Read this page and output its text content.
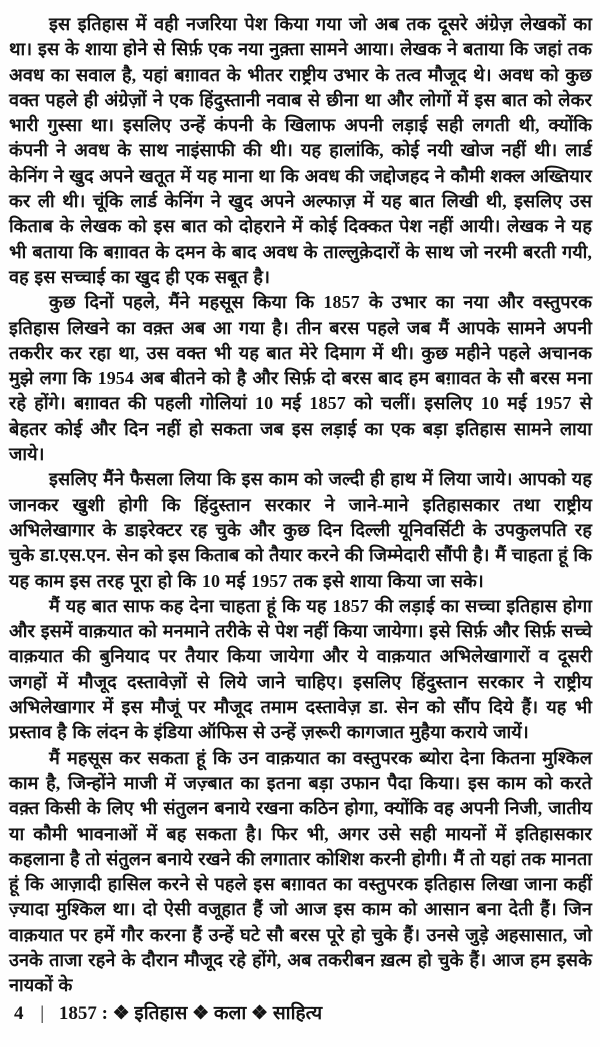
इस इतिहास में वही नजरिया पेश किया गया जो अब तक दूसरे अंग्रेज़ लेखकों का था। इस के शाया होने से सिर्फ़ एक नया नुक़्ता सामने आया। लेखक ने बताया कि जहां तक अवध का सवाल है, यहां बग़ावत के भीतर राष्ट्रीय उभार के तत्व मौजूद थे। अवध को कुछ वक्त पहले ही अंग्रेज़ों ने एक हिंदुस्तानी नवाब से छीना था और लोगों में इस बात को लेकर भारी गुस्सा था। इसलिए उन्हें कंपनी के खिलाफ अपनी लड़ाई सही लगती थी, क्योंकि कंपनी ने अवध के साथ नाइंसाफी की थी। यह हालांकि, कोई नयी खोज नहीं थी। लार्ड केनिंग ने खुद अपने खतूत में यह माना था कि अवध की जद्दोजहद ने कौमी शक्ल अख्तियार कर ली थी। चूंकि लार्ड केनिंग ने खुद अपने अल्फाज़ में यह बात लिखी थी, इसलिए उस किताब के लेखक को इस बात को दोहराने में कोई दिक्कत पेश नहीं आयी। लेखक ने यह भी बताया कि बग़ावत के दमन के बाद अवध के ताल्लुक़ेदारों के साथ जो नरमी बरती गयी, वह इस सच्चाई का खुद ही एक सबूत है।

कुछ दिनों पहले, मैंने महसूस किया कि 1857 के उभार का नया और वस्तुपरक इतिहास लिखने का वक़्त अब आ गया है। तीन बरस पहले जब मैं आपके सामने अपनी तकरीर कर रहा था, उस वक्त भी यह बात मेरे दिमाग में थी। कुछ महीने पहले अचानक मुझे लगा कि 1954 अब बीतने को है और सिर्फ़ दो बरस बाद हम बग़ावत के सौ बरस मना रहे होंगे। बग़ावत की पहली गोलियां 10 मई 1857 को चलीं। इसलिए 10 मई 1957 से बेहतर कोई और दिन नहीं हो सकता जब इस लड़ाई का एक बड़ा इतिहास सामने लाया जाये।

इसलिए मैंने फैसला लिया कि इस काम को जल्दी ही हाथ में लिया जाये। आपको यह जानकर खुशी होगी कि हिंदुस्तान सरकार ने जाने-माने इतिहासकार तथा राष्ट्रीय अभिलेखागार के डाइरेक्टर रह चुके और कुछ दिन दिल्ली यूनिवर्सिटी के उपकुलपति रह चुके डा.एस.एन. सेन को इस किताब को तैयार करने की जिम्मेदारी सौंपी है। मैं चाहता हूं कि यह काम इस तरह पूरा हो कि 10 मई 1957 तक इसे शाया किया जा सके।

मैं यह बात साफ कह देना चाहता हूं कि यह 1857 की लड़ाई का सच्चा इतिहास होगा और इसमें वाक़यात को मनमाने तरीके से पेश नहीं किया जायेगा। इसे सिर्फ़ और सिर्फ़ सच्चे वाक़यात की बुनियाद पर तैयार किया जायेगा और ये वाक़यात अभिलेखागारों व दूसरी जगहों में मौजूद दस्तावेज़ों से लिये जाने चाहिए। इसलिए हिंदुस्तान सरकार ने राष्ट्रीय अभिलेखागार में इस मौजूं पर मौजूद तमाम दस्तावेज़ डा. सेन को सौंप दिये हैं। यह भी प्रस्ताव है कि लंदन के इंडिया ऑफिस से उन्हें ज़रूरी कागजात मुहैया कराये जायें।

मैं महसूस कर सकता हूं कि उन वाक़यात का वस्तुपरक ब्योरा देना कितना मुश्किल काम है, जिन्होंने माजी में जज़्बात का इतना बड़ा उफान पैदा किया। इस काम को करते वक़्त किसी के लिए भी संतुलन बनाये रखना कठिन होगा, क्योंकि वह अपनी निजी, जातीय या कौमी भावनाओं में बह सकता है। फिर भी, अगर उसे सही मायनों में इतिहासकार कहलाना है तो संतुलन बनाये रखने की लगातार कोशिश करनी होगी। मैं तो यहां तक मानता हूं कि आज़ादी हासिल करने से पहले इस बग़ावत का वस्तुपरक इतिहास लिखा जाना कहीं ज़्यादा मुश्किल था। दो ऐसी वजूहात हैं जो आज इस काम को आसान बना देती हैं। जिन वाक़यात पर हमें गौर करना हैं उन्हें घटे सौ बरस पूरे हो चुके हैं। उनसे जुड़े अहसासात, जो उनके ताजा रहने के दौरान मौजूद रहे होंगे, अब तकरीबन ख़त्म हो चुके हैं। आज हम इसके नायकों के

4 | 1857 : ❖ इतिहास ❖ कला ❖ साहित्य
